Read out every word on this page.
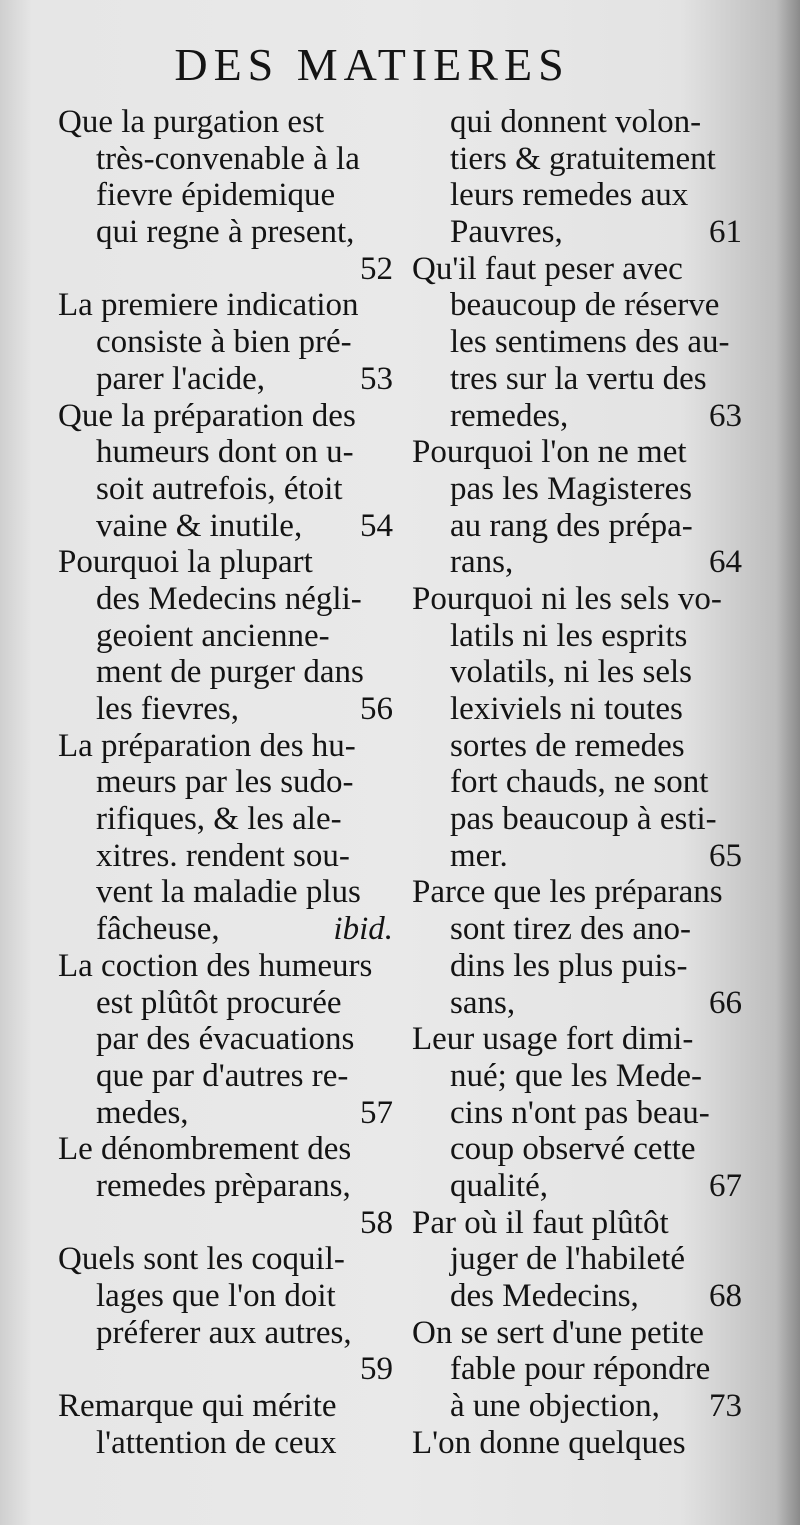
DES MATIERES
Que la purgation est
très-convenable à la
fievre épidemique
qui regne à present,
52
La premiere indication
consiste à bien pré-
parer l'acide,	53
Que la préparation des
humeurs dont on u-
soit autrefois, étoit
vaine & inutile, 54
Pourquoi la plupart
des Medecins négli-
geoient ancienne-
ment de purger dans
les fievres,	56
La préparation des hu-
meurs par les sudo-
rifiques, & les ale-
xitres. rendent sou-
vent la maladie plus
fâcheuse,	ibid.
La coction des humeurs
est plûtôt procurée
par des évacuations
que par d'autres re-
medes,	57
Le dénombrement des
remedes prèparans,
58
Quels sont les coquil-
lages que l'on doit
préferer aux autres,
59
Remarque qui mérite
l'attention de ceux
qui donnent volon-
tiers & gratuitement
leurs remedes aux
Pauvres,	61
Qu'il faut peser avec
beaucoup de réserve
les sentimens des au-
tres sur la vertu des
remedes,	63
Pourquoi l'on ne met
pas les Magisteres
au rang des prépa-
rans,	64
Pourquoi ni les sels vo-
latils ni les esprits
volatils, ni les sels
lexiviels ni toutes
sortes de remedes
fort chauds, ne sont
pas beaucoup à esti-
mer.	65
Parce que les préparans
sont tirez des ano-
dins les plus puis-
sans,	66
Leur usage fort dimi-
nué; que les Mede-
cins n'ont pas beau-
coup observé cette
qualité,	67
Par où il faut plûtôt
juger de l'habileté
des Medecins, 68
On se sert d'une petite
fable pour répondre
à une objection, 73
L'on donne quelques
